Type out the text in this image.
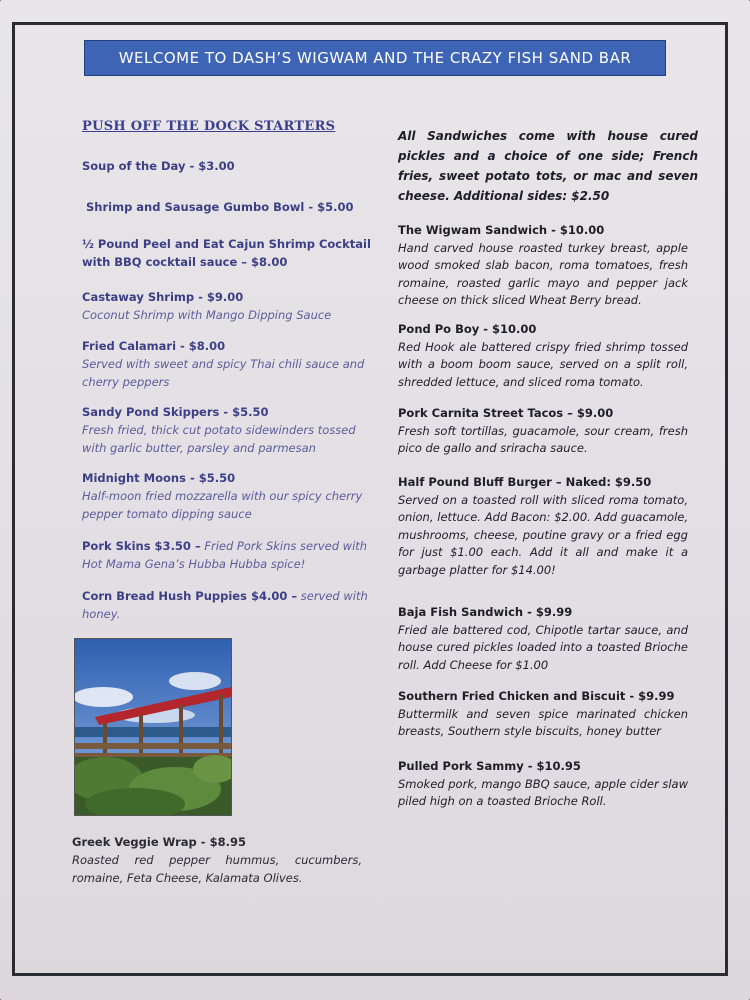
WELCOME TO DASH’S WIGWAM AND THE CRAZY FISH SAND BAR
PUSH OFF THE DOCK STARTERS
Soup of the Day - $3.00
Shrimp and Sausage Gumbo Bowl - $5.00
½ Pound Peel and Eat Cajun Shrimp Cocktail with BBQ cocktail sauce – $8.00
Castaway Shrimp - $9.00
Coconut Shrimp with Mango Dipping Sauce
Fried Calamari - $8.00
Served with sweet and spicy Thai chili sauce and cherry peppers
Sandy Pond Skippers - $5.50
Fresh fried, thick cut potato sidewinders tossed with garlic butter, parsley and parmesan
Midnight Moons - $5.50
Half-moon fried mozzarella with our spicy cherry pepper tomato dipping sauce
Pork Skins $3.50 – Fried Pork Skins served with Hot Mama Gena’s Hubba Hubba spice!
Corn Bread Hush Puppies $4.00 – served with honey.
Greek Veggie Wrap - $8.95
Roasted red pepper hummus, cucumbers, romaine, Feta Cheese, Kalamata Olives.
All Sandwiches come with house cured pickles and a choice of one side; French fries, sweet potato tots, or mac and seven cheese. Additional sides: $2.50
The Wigwam Sandwich - $10.00
Hand carved house roasted turkey breast, apple wood smoked slab bacon, roma tomatoes, fresh romaine, roasted garlic mayo and pepper jack cheese on thick sliced Wheat Berry bread.
Pond Po Boy - $10.00
Red Hook ale battered crispy fried shrimp tossed with a boom boom sauce, served on a split roll, shredded lettuce, and sliced roma tomato.
Pork Carnita Street Tacos – $9.00
Fresh soft tortillas, guacamole, sour cream, fresh pico de gallo and sriracha sauce.
Half Pound Bluff Burger – Naked: $9.50
Served on a toasted roll with sliced roma tomato, onion, lettuce. Add Bacon: $2.00. Add guacamole, mushrooms, cheese, poutine gravy or a fried egg for just $1.00 each. Add it all and make it a garbage platter for $14.00!
Baja Fish Sandwich - $9.99
Fried ale battered cod, Chipotle tartar sauce, and house cured pickles loaded into a toasted Brioche roll. Add Cheese for $1.00
Southern Fried Chicken and Biscuit - $9.99
Buttermilk and seven spice marinated chicken breasts, Southern style biscuits, honey butter
Pulled Pork Sammy - $10.95
Smoked pork, mango BBQ sauce, apple cider slaw piled high on a toasted Brioche Roll.
